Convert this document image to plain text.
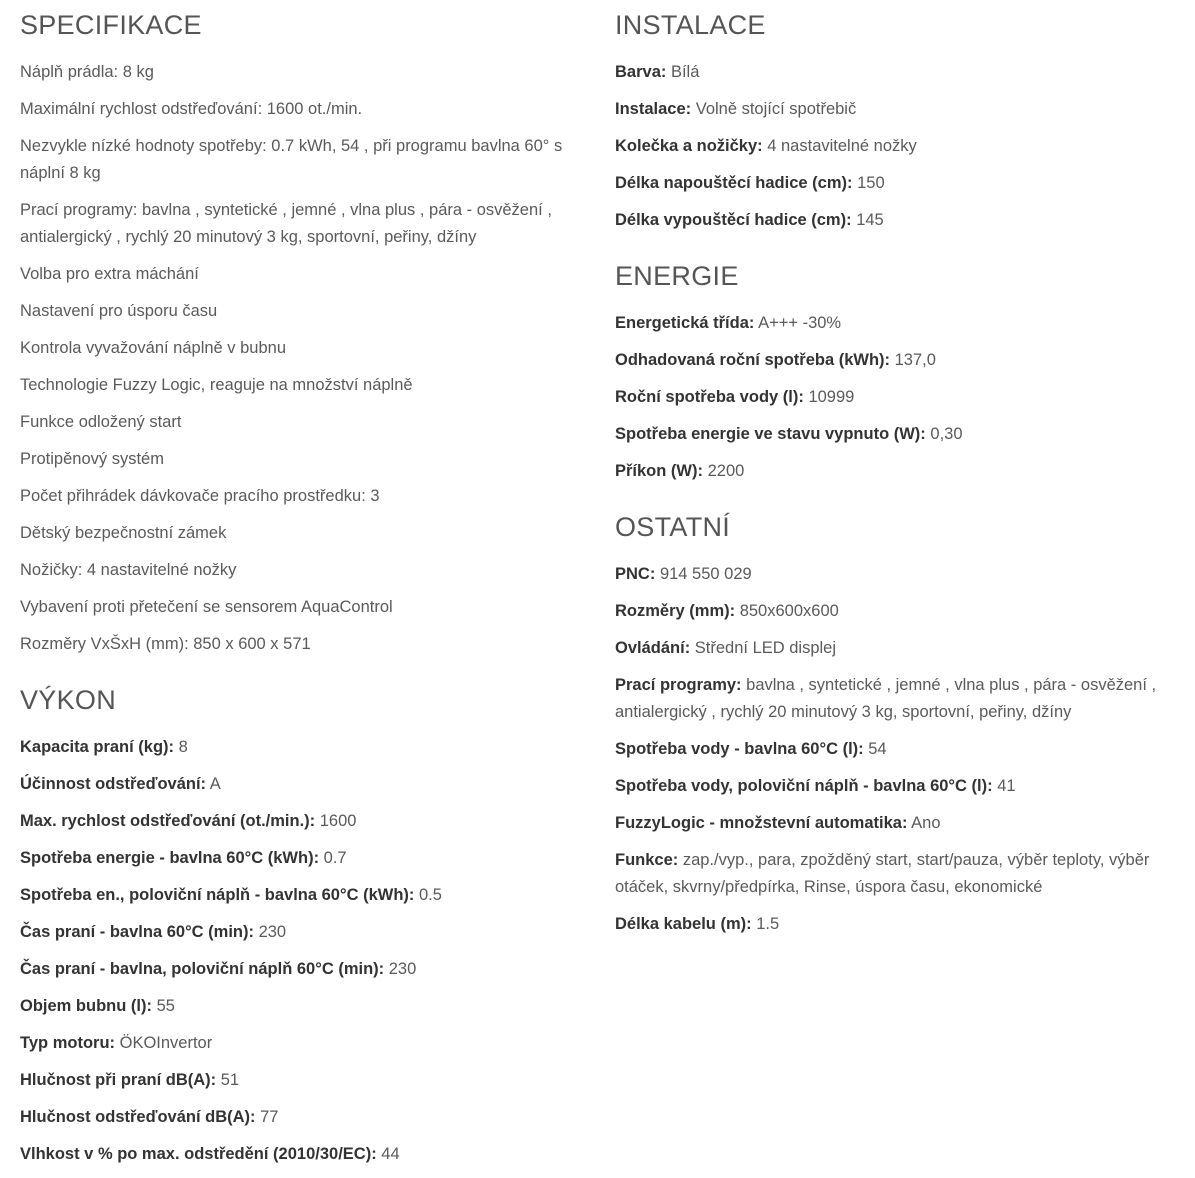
SPECIFIKACE
Náplň prádla: 8 kg
Maximální rychlost odstřeďování: 1600 ot./min.
Nezvykle nízké hodnoty spotřeby: 0.7 kWh, 54 , při programu bavlna 60° s náplní 8 kg
Prací programy: bavlna , syntetické , jemné , vlna plus , pára - osvěžení , antialergický , rychlý 20 minutový 3 kg, sportovní, peřiny, džíny
Volba pro extra máchání
Nastavení pro úsporu času
Kontrola vyvažování náplně v bubnu
Technologie Fuzzy Logic, reaguje na množství náplně
Funkce odložený start
Protipěnový systém
Počet přihrádek dávkovače pracího prostředku: 3
Dětský bezpečnostní zámek
Nožičky: 4 nastavitelné nožky
Vybavení proti přetečení se sensorem AquaControl
Rozměry VxŠxH (mm): 850 x 600 x 571
VÝKON
Kapacita praní (kg): 8
Účinnost odstřeďování: A
Max. rychlost odstřeďování (ot./min.): 1600
Spotřeba energie - bavlna 60°C (kWh): 0.7
Spotřeba en., poloviční náplň - bavlna 60°C (kWh): 0.5
Čas praní - bavlna 60°C (min): 230
Čas praní - bavlna, poloviční náplň 60°C (min): 230
Objem bubnu (l): 55
Typ motoru: ÖKOInvertor
Hlučnost při praní dB(A): 51
Hlučnost odstřeďování dB(A): 77
Vlhkost v % po max. odstředění (2010/30/EC): 44
INSTALACE
Barva: Bílá
Instalace: Volně stojící spotřebič
Kolečka a nožičky: 4 nastavitelné nožky
Délka napouštěcí hadice (cm): 150
Délka vypouštěcí hadice (cm): 145
ENERGIE
Energetická třída: A+++ -30%
Odhadovaná roční spotřeba (kWh): 137,0
Roční spotřeba vody (l): 10999
Spotřeba energie ve stavu vypnuto (W): 0,30
Příkon (W): 2200
OSTATNÍ
PNC: 914 550 029
Rozměry (mm): 850x600x600
Ovládání: Střední LED displej
Prací programy: bavlna , syntetické , jemné , vlna plus , pára - osvěžení , antialergický , rychlý 20 minutový 3 kg, sportovní, peřiny, džíny
Spotřeba vody - bavlna 60°C (l): 54
Spotřeba vody, poloviční náplň - bavlna 60°C (l): 41
FuzzyLogic - množstevní automatika: Ano
Funkce: zap./vyp., para, zpožděný start, start/pauza, výběr teploty, výběr otáček, skvrny/předpírka, Rinse, úspora času, ekonomické
Délka kabelu (m): 1.5
